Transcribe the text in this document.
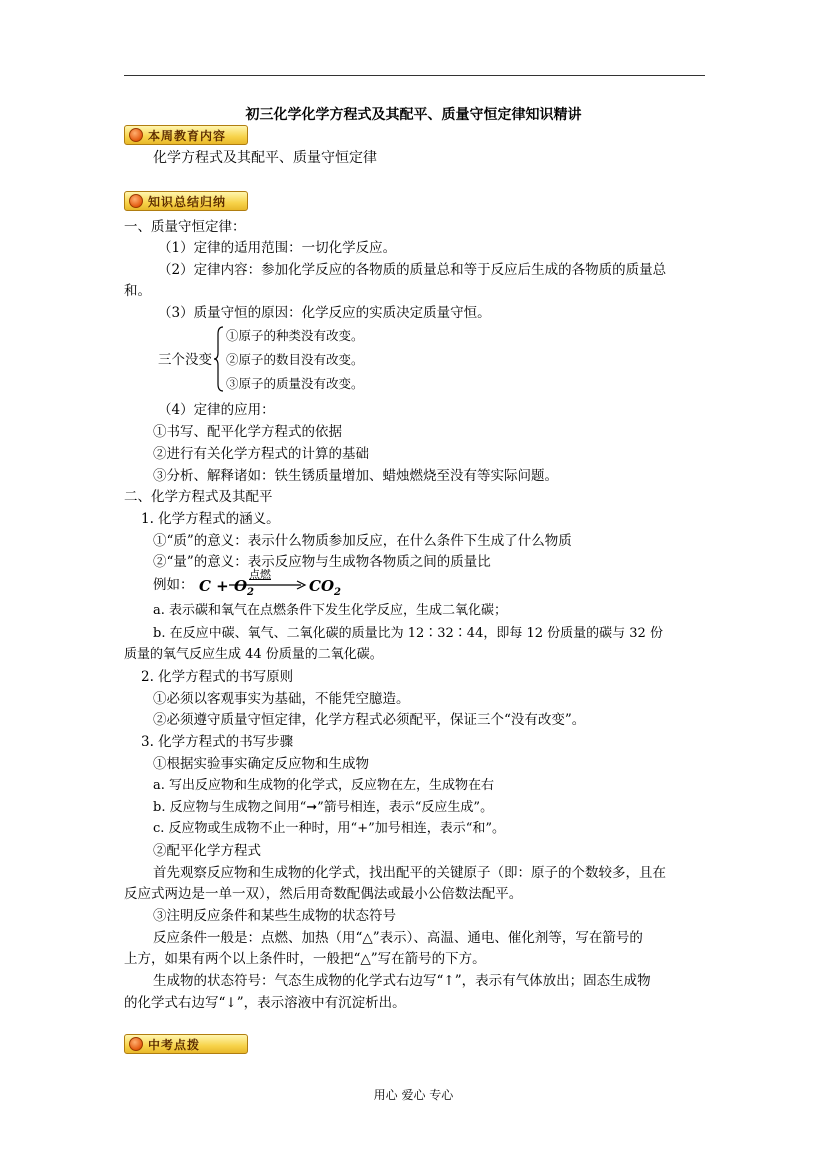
初三化学化学方程式及其配平、质量守恒定律知识精讲
本周教育内容
化学方程式及其配平、质量守恒定律
知识总结归纳
一、质量守恒定律：
（1）定律的适用范围：一切化学反应。
（2）定律内容：参加化学反应的各物质的质量总和等于反应后生成的各物质的质量总
和。
（3）质量守恒的原因：化学反应的实质决定质量守恒。
①原子的种类没有改变。
三个没变 ②原子的数目没有改变。
③原子的质量没有改变。
（4）定律的应用：
①书写、配平化学方程式的依据
②进行有关化学方程式的计算的基础
③分析、解释诸如：铁生锈质量增加、蜡烛燃烧至没有等实际问题。
二、化学方程式及其配平
1. 化学方程式的涵义。
①“质”的意义：表示什么物质参加反应，在什么条件下生成了什么物质
②“量”的意义：表示反应物与生成物各物质之间的质量比
例如： $C + O_2$
点燃
$CO_2$
a. 表示碳和氧气在点燃条件下发生化学反应，生成二氧化碳；
b. 在反应中碳、氧气、二氧化碳的质量比为 12∶32∶44，即每 12 份质量的碳与 32 份
质量的氧气反应生成 44 份质量的二氧化碳。
2. 化学方程式的书写原则
①必须以客观事实为基础，不能凭空臆造。
②必须遵守质量守恒定律，化学方程式必须配平，保证三个“没有改变”。
3. 化学方程式的书写步骤
①根据实验事实确定反应物和生成物
a. 写出反应物和生成物的化学式，反应物在左，生成物在右
b. 反应物与生成物之间用“➞”箭号相连，表示“反应生成”。
c. 反应物或生成物不止一种时，用“+”加号相连，表示“和”。
②配平化学方程式
首先观察反应物和生成物的化学式，找出配平的关键原子（即：原子的个数较多，且在
反应式两边是一单一双），然后用奇数配偶法或最小公倍数法配平。
③注明反应条件和某些生成物的状态符号
反应条件一般是：点燃、加热（用“△”表示）、高温、通电、催化剂等，写在箭号的
上方，如果有两个以上条件时，一般把“△”写在箭号的下方。
生成物的状态符号：气态生成物的化学式右边写“↑”，表示有气体放出；固态生成物
的化学式右边写“↓”，表示溶液中有沉淀析出。
中考点拨
用心 爱心 专心
